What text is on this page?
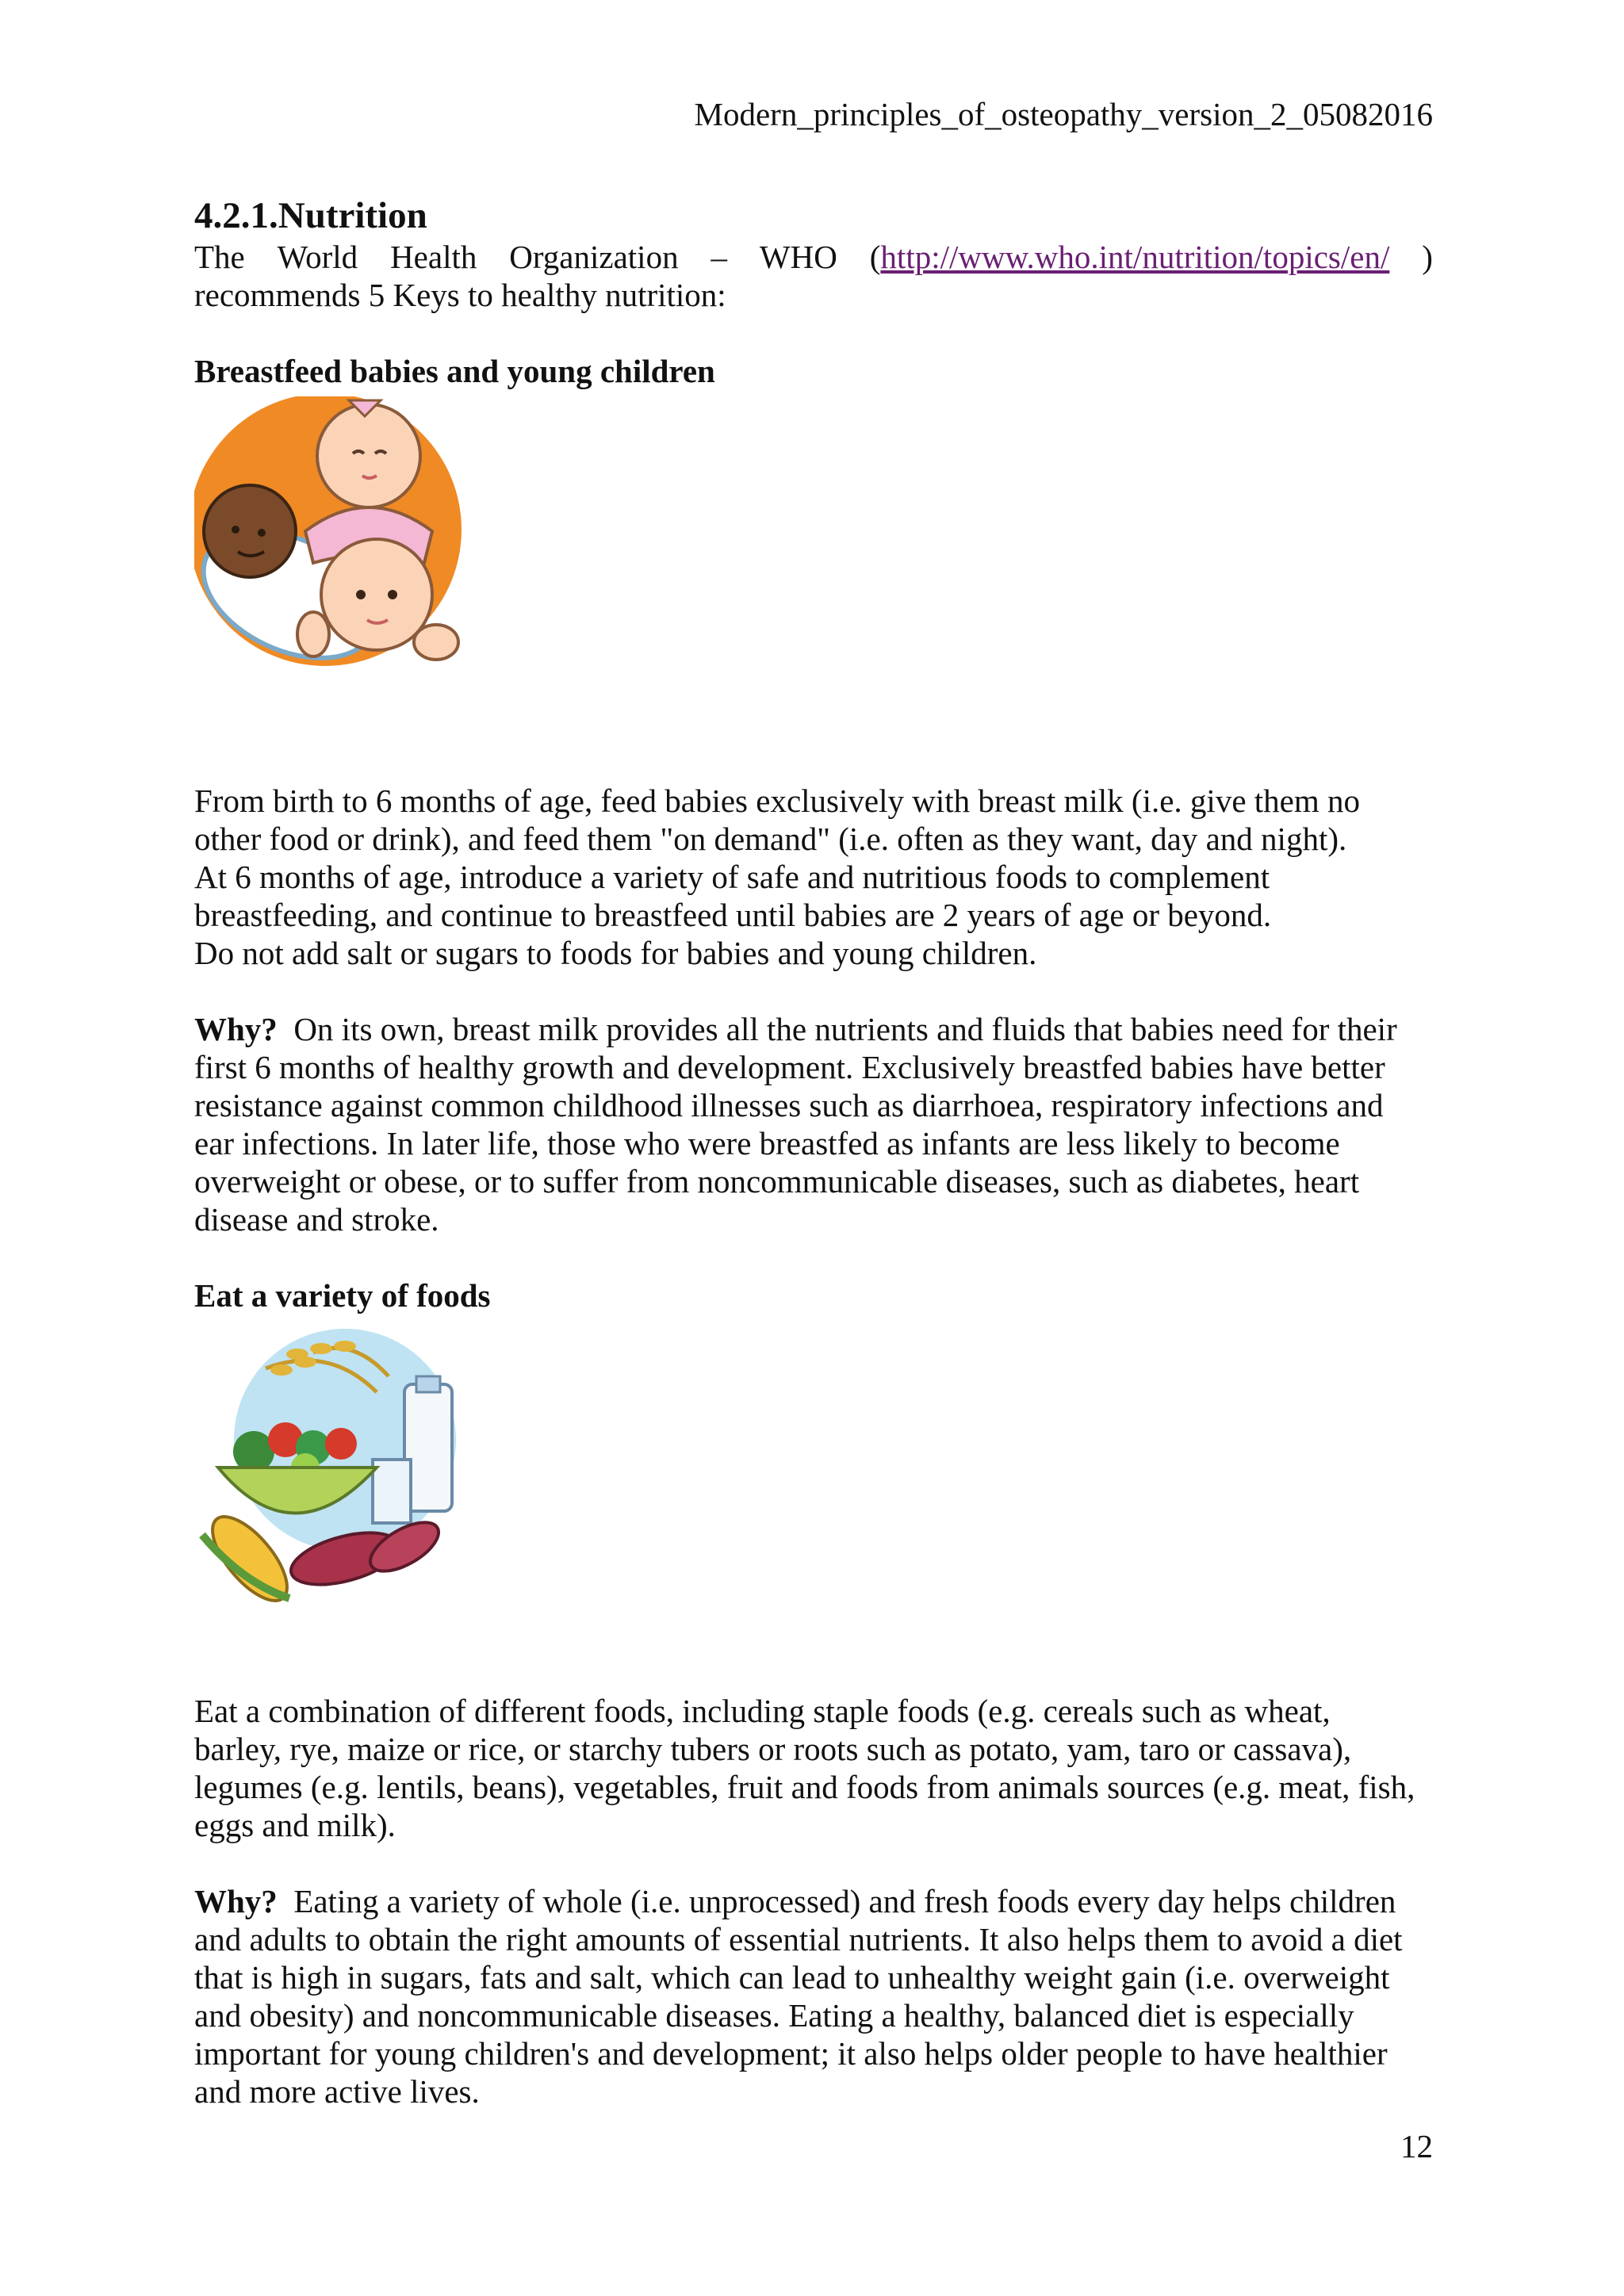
Modern_principles_of_osteopathy_version_2_05082016
4.2.1.Nutrition
The World Health Organization – WHO (http://www.who.int/nutrition/topics/en/ )

recommends 5 Keys to healthy nutrition:

Breastfeed babies and young children

From birth to 6 months of age, feed babies exclusively with breast milk (i.e. give them no

other food or drink), and feed them "on demand" (i.e. often as they want, day and night).

At 6 months of age, introduce a variety of safe and nutritious foods to complement

breastfeeding, and continue to breastfeed until babies are 2 years of age or beyond.

Do not add salt or sugars to foods for babies and young children.

Why? On its own, breast milk provides all the nutrients and fluids that babies need for their

first 6 months of healthy growth and development. Exclusively breastfed babies have better

resistance against common childhood illnesses such as diarrhoea, respiratory infections and

ear infections. In later life, those who were breastfed as infants are less likely to become

overweight or obese, or to suffer from noncommunicable diseases, such as diabetes, heart

disease and stroke.

Eat a variety of foods

Eat a combination of different foods, including staple foods (e.g. cereals such as wheat,

barley, rye, maize or rice, or starchy tubers or roots such as potato, yam, taro or cassava),

legumes (e.g. lentils, beans), vegetables, fruit and foods from animals sources (e.g. meat, fish,

eggs and milk).

Why? Eating a variety of whole (i.e. unprocessed) and fresh foods every day helps children

and adults to obtain the right amounts of essential nutrients. It also helps them to avoid a diet

that is high in sugars, fats and salt, which can lead to unhealthy weight gain (i.e. overweight

and obesity) and noncommunicable diseases. Eating a healthy, balanced diet is especially

important for young children's and development; it also helps older people to have healthier

and more active lives.

12
